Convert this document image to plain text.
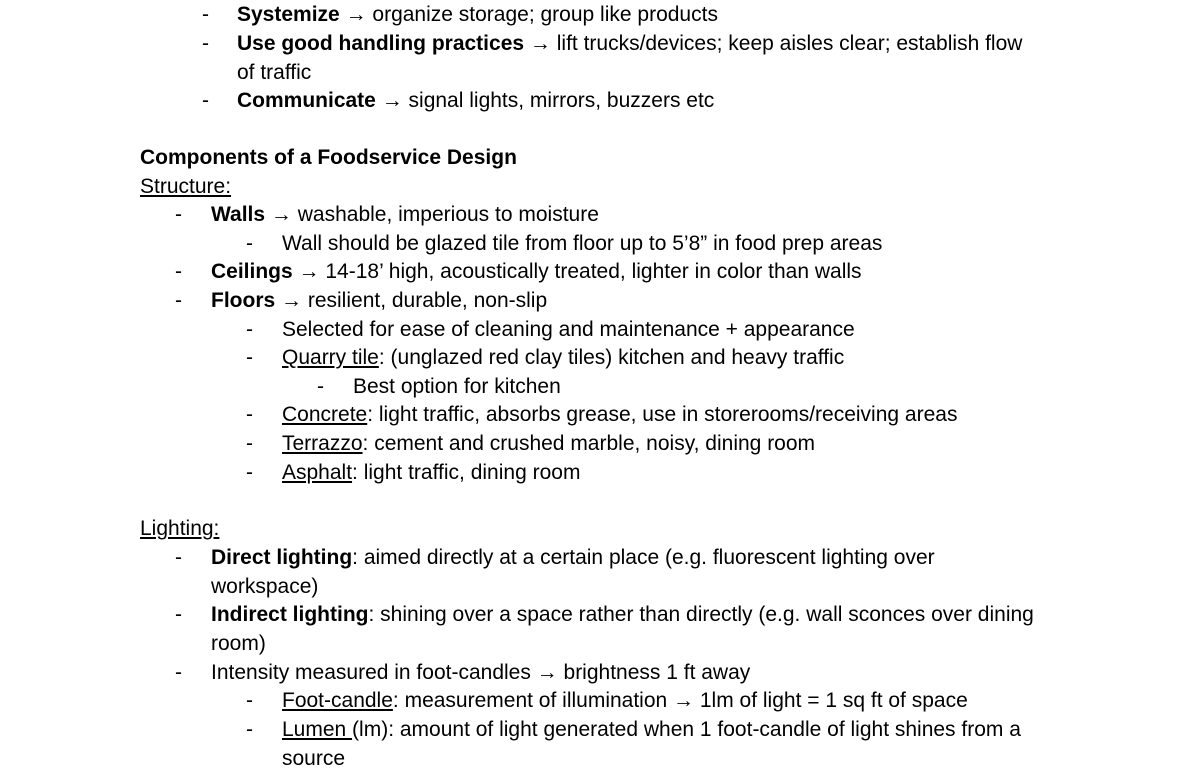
- Systemize → organize storage; group like products
- Use good handling practices → lift trucks/devices; keep aisles clear; establish flow
of traffic
- Communicate → signal lights, mirrors, buzzers etc
Components of a Foodservice Design
Structure:
- Walls → washable, imperious to moisture
- Wall should be glazed tile from floor up to 5’8” in food prep areas
- Ceilings → 14-18’ high, acoustically treated, lighter in color than walls
- Floors → resilient, durable, non-slip
- Selected for ease of cleaning and maintenance + appearance
- Quarry tile: (unglazed red clay tiles) kitchen and heavy traffic
- Best option for kitchen
- Concrete: light traffic, absorbs grease, use in storerooms/receiving areas
- Terrazzo: cement and crushed marble, noisy, dining room
- Asphalt: light traffic, dining room
Lighting:
- Direct lighting: aimed directly at a certain place (e.g. fluorescent lighting over
workspace)
- Indirect lighting: shining over a space rather than directly (e.g. wall sconces over dining
room)
- Intensity measured in foot-candles → brightness 1 ft away
- Foot-candle: measurement of illumination → 1lm of light = 1 sq ft of space
- Lumen (lm): amount of light generated when 1 foot-candle of light shines from a
source
